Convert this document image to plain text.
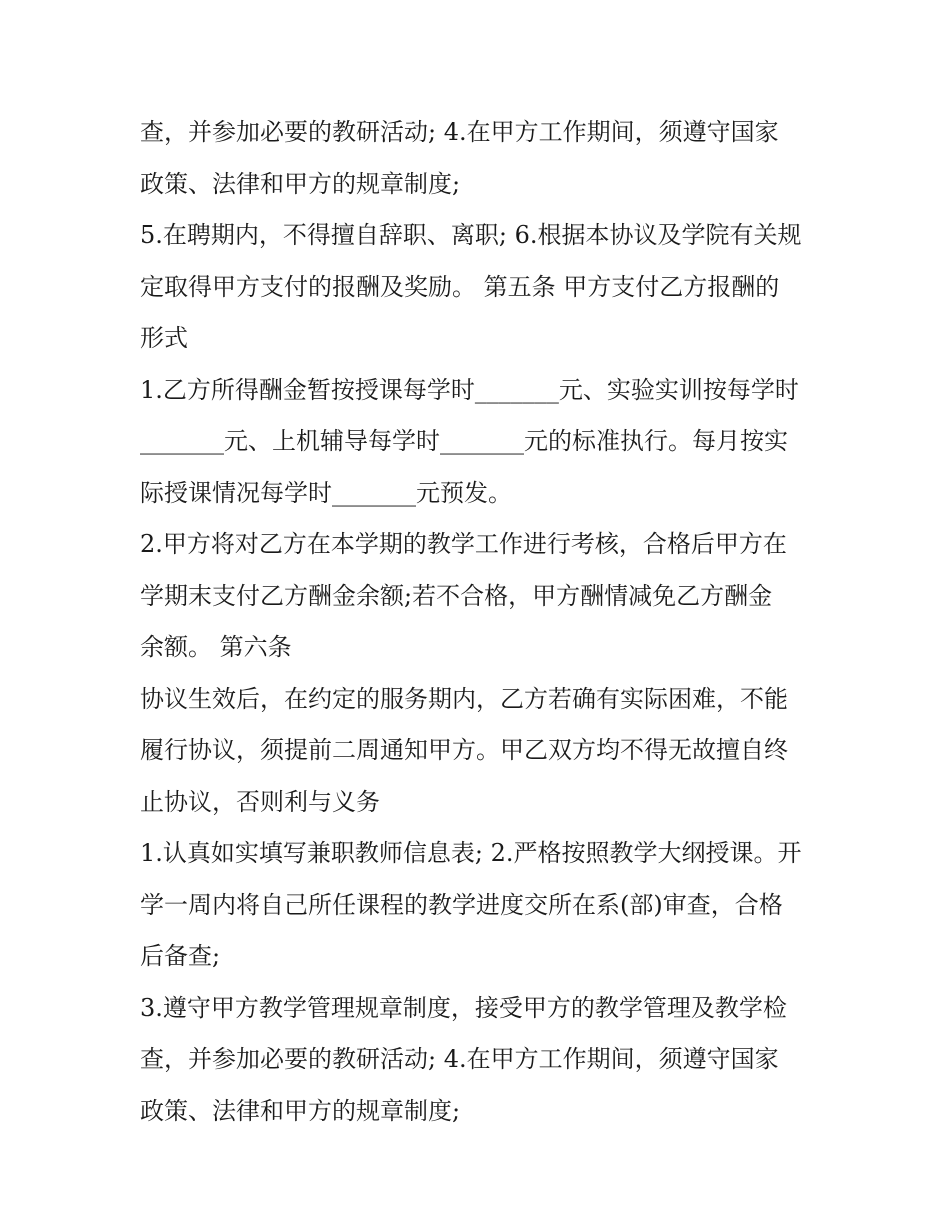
查，并参加必要的教研活动; 4.在甲方工作期间，须遵守国家
政策、法律和甲方的规章制度;
5.在聘期内，不得擅自辞职、离职; 6.根据本协议及学院有关规
定取得甲方支付的报酬及奖励。 第五条 甲方支付乙方报酬的
形式
1.乙方所得酬金暂按授课每学时_______元、实验实训按每学时
_______元、上机辅导每学时_______元的标准执行。每月按实
际授课情况每学时_______元预发。
2.甲方将对乙方在本学期的教学工作进行考核，合格后甲方在
学期末支付乙方酬金余额;若不合格，甲方酬情减免乙方酬金
余额。 第六条
协议生效后，在约定的服务期内，乙方若确有实际困难，不能
履行协议，须提前二周通知甲方。甲乙双方均不得无故擅自终
止协议，否则利与义务
1.认真如实填写兼职教师信息表; 2.严格按照教学大纲授课。开
学一周内将自己所任课程的教学进度交所在系(部)审查，合格
后备查;
3.遵守甲方教学管理规章制度，接受甲方的教学管理及教学检
查，并参加必要的教研活动; 4.在甲方工作期间，须遵守国家
政策、法律和甲方的规章制度;
